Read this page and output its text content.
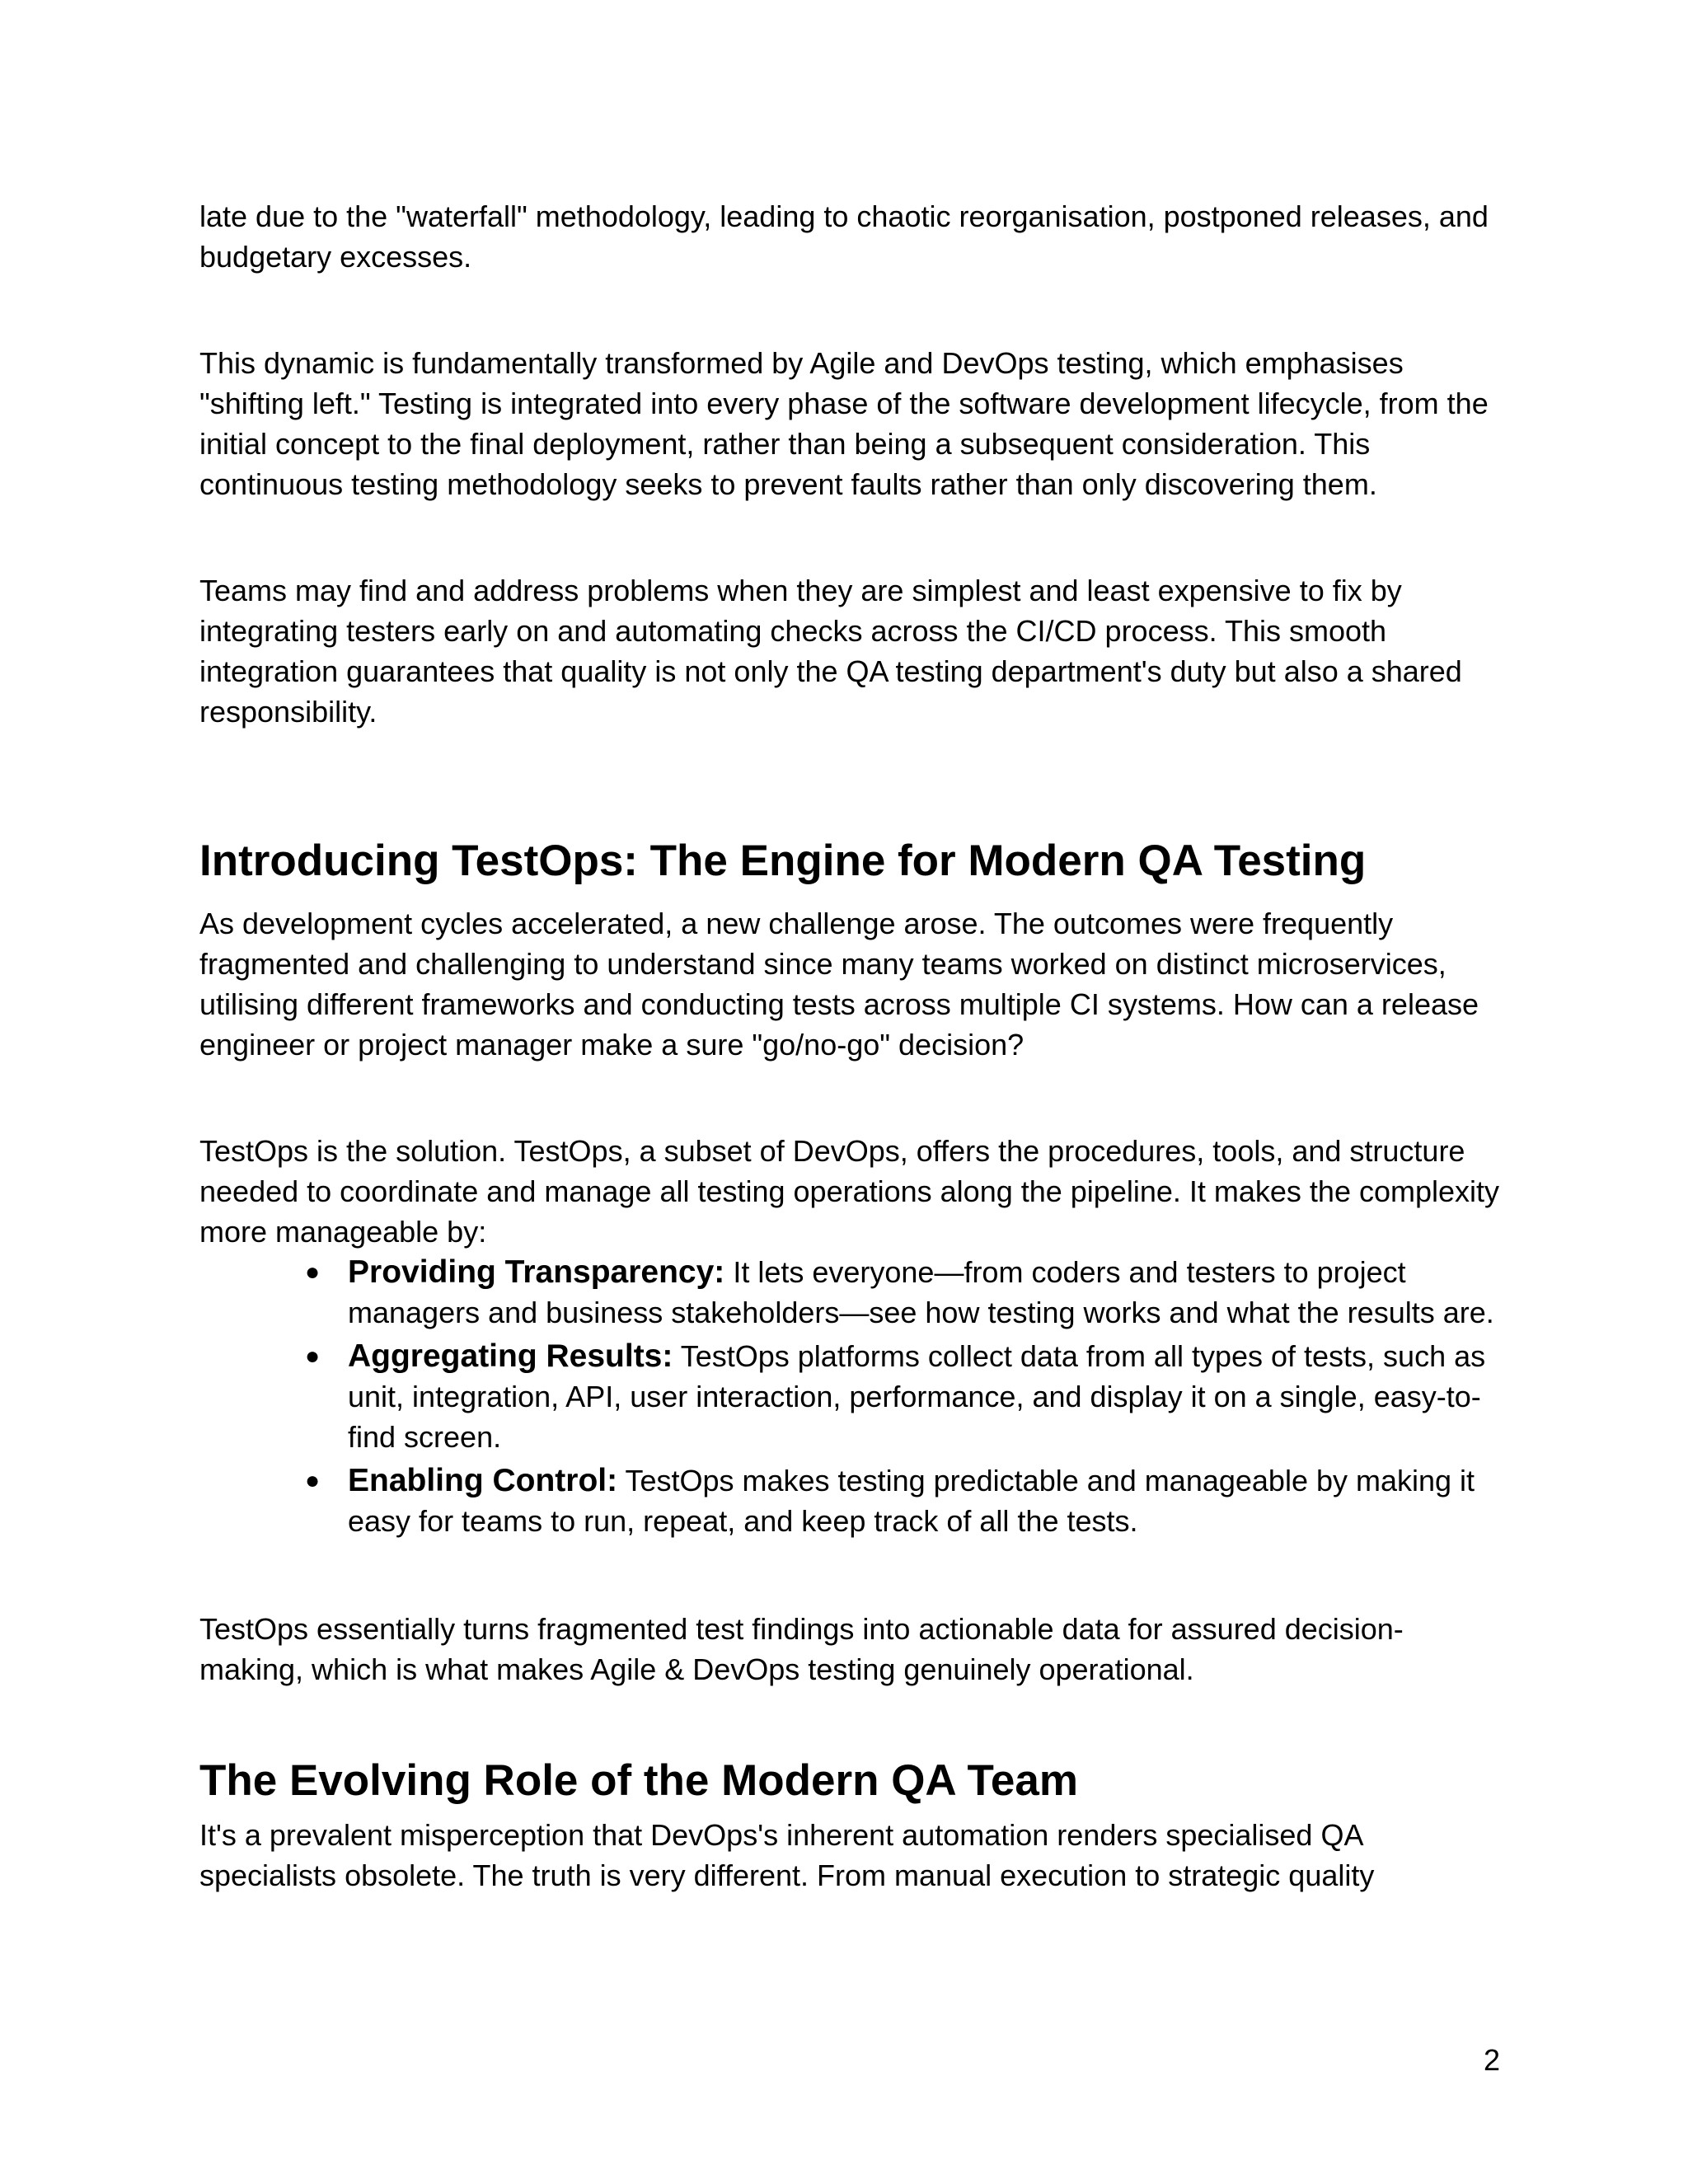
late due to the "waterfall" methodology, leading to chaotic reorganisation, postponed releases, and budgetary excesses.

This dynamic is fundamentally transformed by Agile and DevOps testing, which emphasises "shifting left." Testing is integrated into every phase of the software development lifecycle, from the initial concept to the final deployment, rather than being a subsequent consideration. This continuous testing methodology seeks to prevent faults rather than only discovering them.

Teams may find and address problems when they are simplest and least expensive to fix by integrating testers early on and automating checks across the CI/CD process. This smooth integration guarantees that quality is not only the QA testing department's duty but also a shared responsibility.

Introducing TestOps: The Engine for Modern QA Testing

As development cycles accelerated, a new challenge arose. The outcomes were frequently fragmented and challenging to understand since many teams worked on distinct microservices, utilising different frameworks and conducting tests across multiple CI systems. How can a release engineer or project manager make a sure "go/no-go" decision?

TestOps is the solution. TestOps, a subset of DevOps, offers the procedures, tools, and structure needed to coordinate and manage all testing operations along the pipeline. It makes the complexity more manageable by:

● Providing Transparency: It lets everyone—from coders and testers to project managers and business stakeholders—see how testing works and what the results are.
● Aggregating Results: TestOps platforms collect data from all types of tests, such as unit, integration, API, user interaction, performance, and display it on a single, easy-to-find screen.
● Enabling Control: TestOps makes testing predictable and manageable by making it easy for teams to run, repeat, and keep track of all the tests.

TestOps essentially turns fragmented test findings into actionable data for assured decision-making, which is what makes Agile & DevOps testing genuinely operational.

The Evolving Role of the Modern QA Team

It's a prevalent misperception that DevOps's inherent automation renders specialised QA specialists obsolete. The truth is very different. From manual execution to strategic quality

2
